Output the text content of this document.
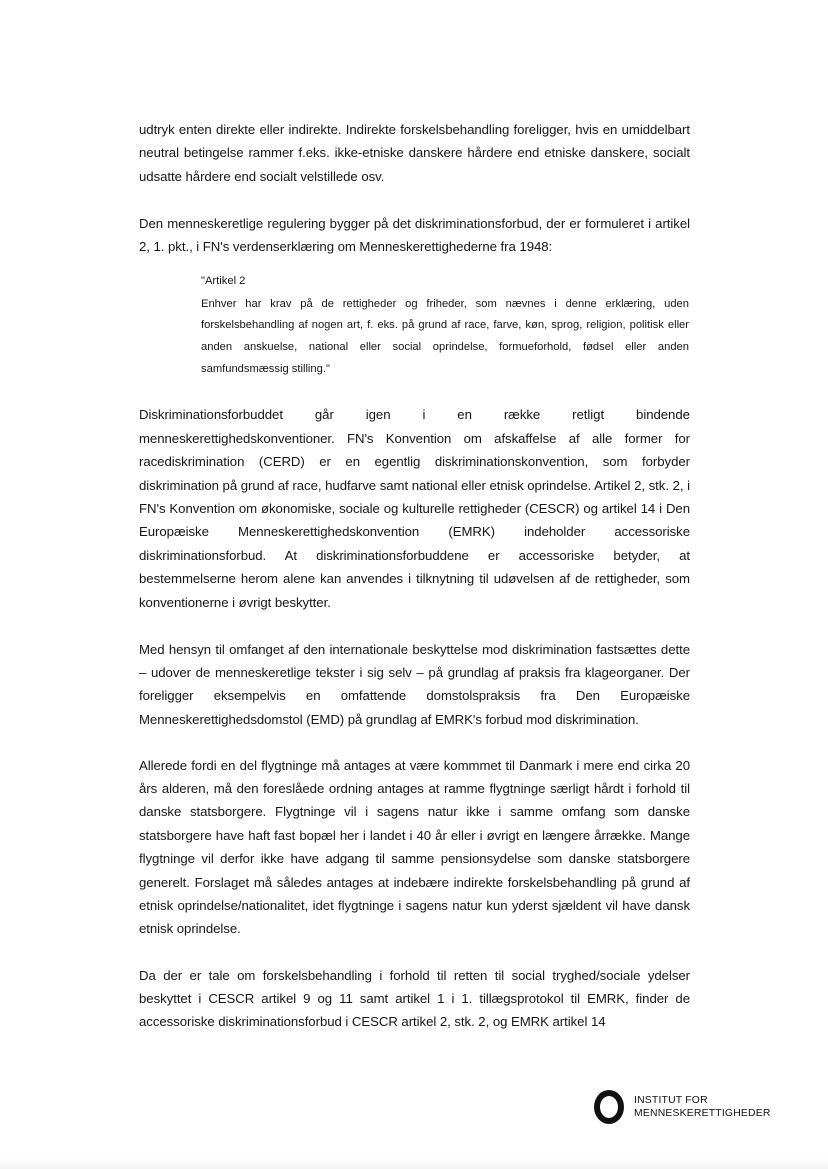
udtryk enten direkte eller indirekte. Indirekte forskelsbehandling foreligger, hvis en umiddelbart neutral betingelse rammer f.eks. ikke-etniske danskere hårdere end etniske danskere, socialt udsatte hårdere end socialt velstillede osv.

Den menneskeretlige regulering bygger på det diskriminationsforbud, der er formuleret i artikel 2, 1. pkt., i FN's verdenserklæring om Menneskerettighederne fra 1948:

"Artikel 2
Enhver har krav på de rettigheder og friheder, som nævnes i denne erklæring, uden forskelsbehandling af nogen art, f. eks. på grund af race, farve, køn, sprog, religion, politisk eller anden anskuelse, national eller social oprindelse, formueforhold, fødsel eller anden samfundsmæssig stilling."

Diskriminationsforbuddet går igen i en række retligt bindende

menneskerettighedskonventioner. FN's Konvention om afskaffelse af alle former for racediskrimination (CERD) er en egentlig diskriminationskonvention, som forbyder diskrimination på grund af race, hudfarve samt national eller etnisk oprindelse. Artikel 2, stk. 2, i FN's Konvention om økonomiske, sociale og kulturelle rettigheder (CESCR) og artikel 14 i Den Europæiske Menneskerettighedskonvention (EMRK) indeholder accessoriske diskriminationsforbud. At diskriminationsforbuddene er accessoriske betyder, at bestemmelserne herom alene kan anvendes i tilknytning til udøvelsen af de rettigheder, som konventionerne i øvrigt beskytter.

Med hensyn til omfanget af den internationale beskyttelse mod diskrimination fastsættes dette – udover de menneskeretlige tekster i sig selv – på grundlag af praksis fra klageorganer. Der foreligger eksempelvis en omfattende domstolspraksis fra Den Europæiske Menneskerettighedsdomstol (EMD) på grundlag af EMRK's forbud mod diskrimination.

Allerede fordi en del flygtninge må antages at være kommmet til Danmark i mere end cirka 20 års alderen, må den foreslåede ordning antages at ramme flygtninge særligt hårdt i forhold til danske statsborgere. Flygtninge vil i sagens natur ikke i samme omfang som danske statsborgere have haft fast bopæl her i landet i 40 år eller i øvrigt en længere årrække. Mange flygtninge vil derfor ikke have adgang til samme pensionsydelse som danske statsborgere generelt. Forslaget må således antages at indebære indirekte forskelsbehandling på grund af etnisk oprindelse/nationalitet, idet flygtninge i sagens natur kun yderst sjældent vil have dansk etnisk oprindelse.

Da der er tale om forskelsbehandling i forhold til retten til social tryghed/sociale ydelser beskyttet i CESCR artikel 9 og 11 samt artikel 1 i 1. tillægsprotokol til EMRK, finder de accessoriske diskriminationsforbud i CESCR artikel 2, stk. 2, og EMRK artikel 14

INSTITUT FOR
MENNESKERETTIGHEDER
